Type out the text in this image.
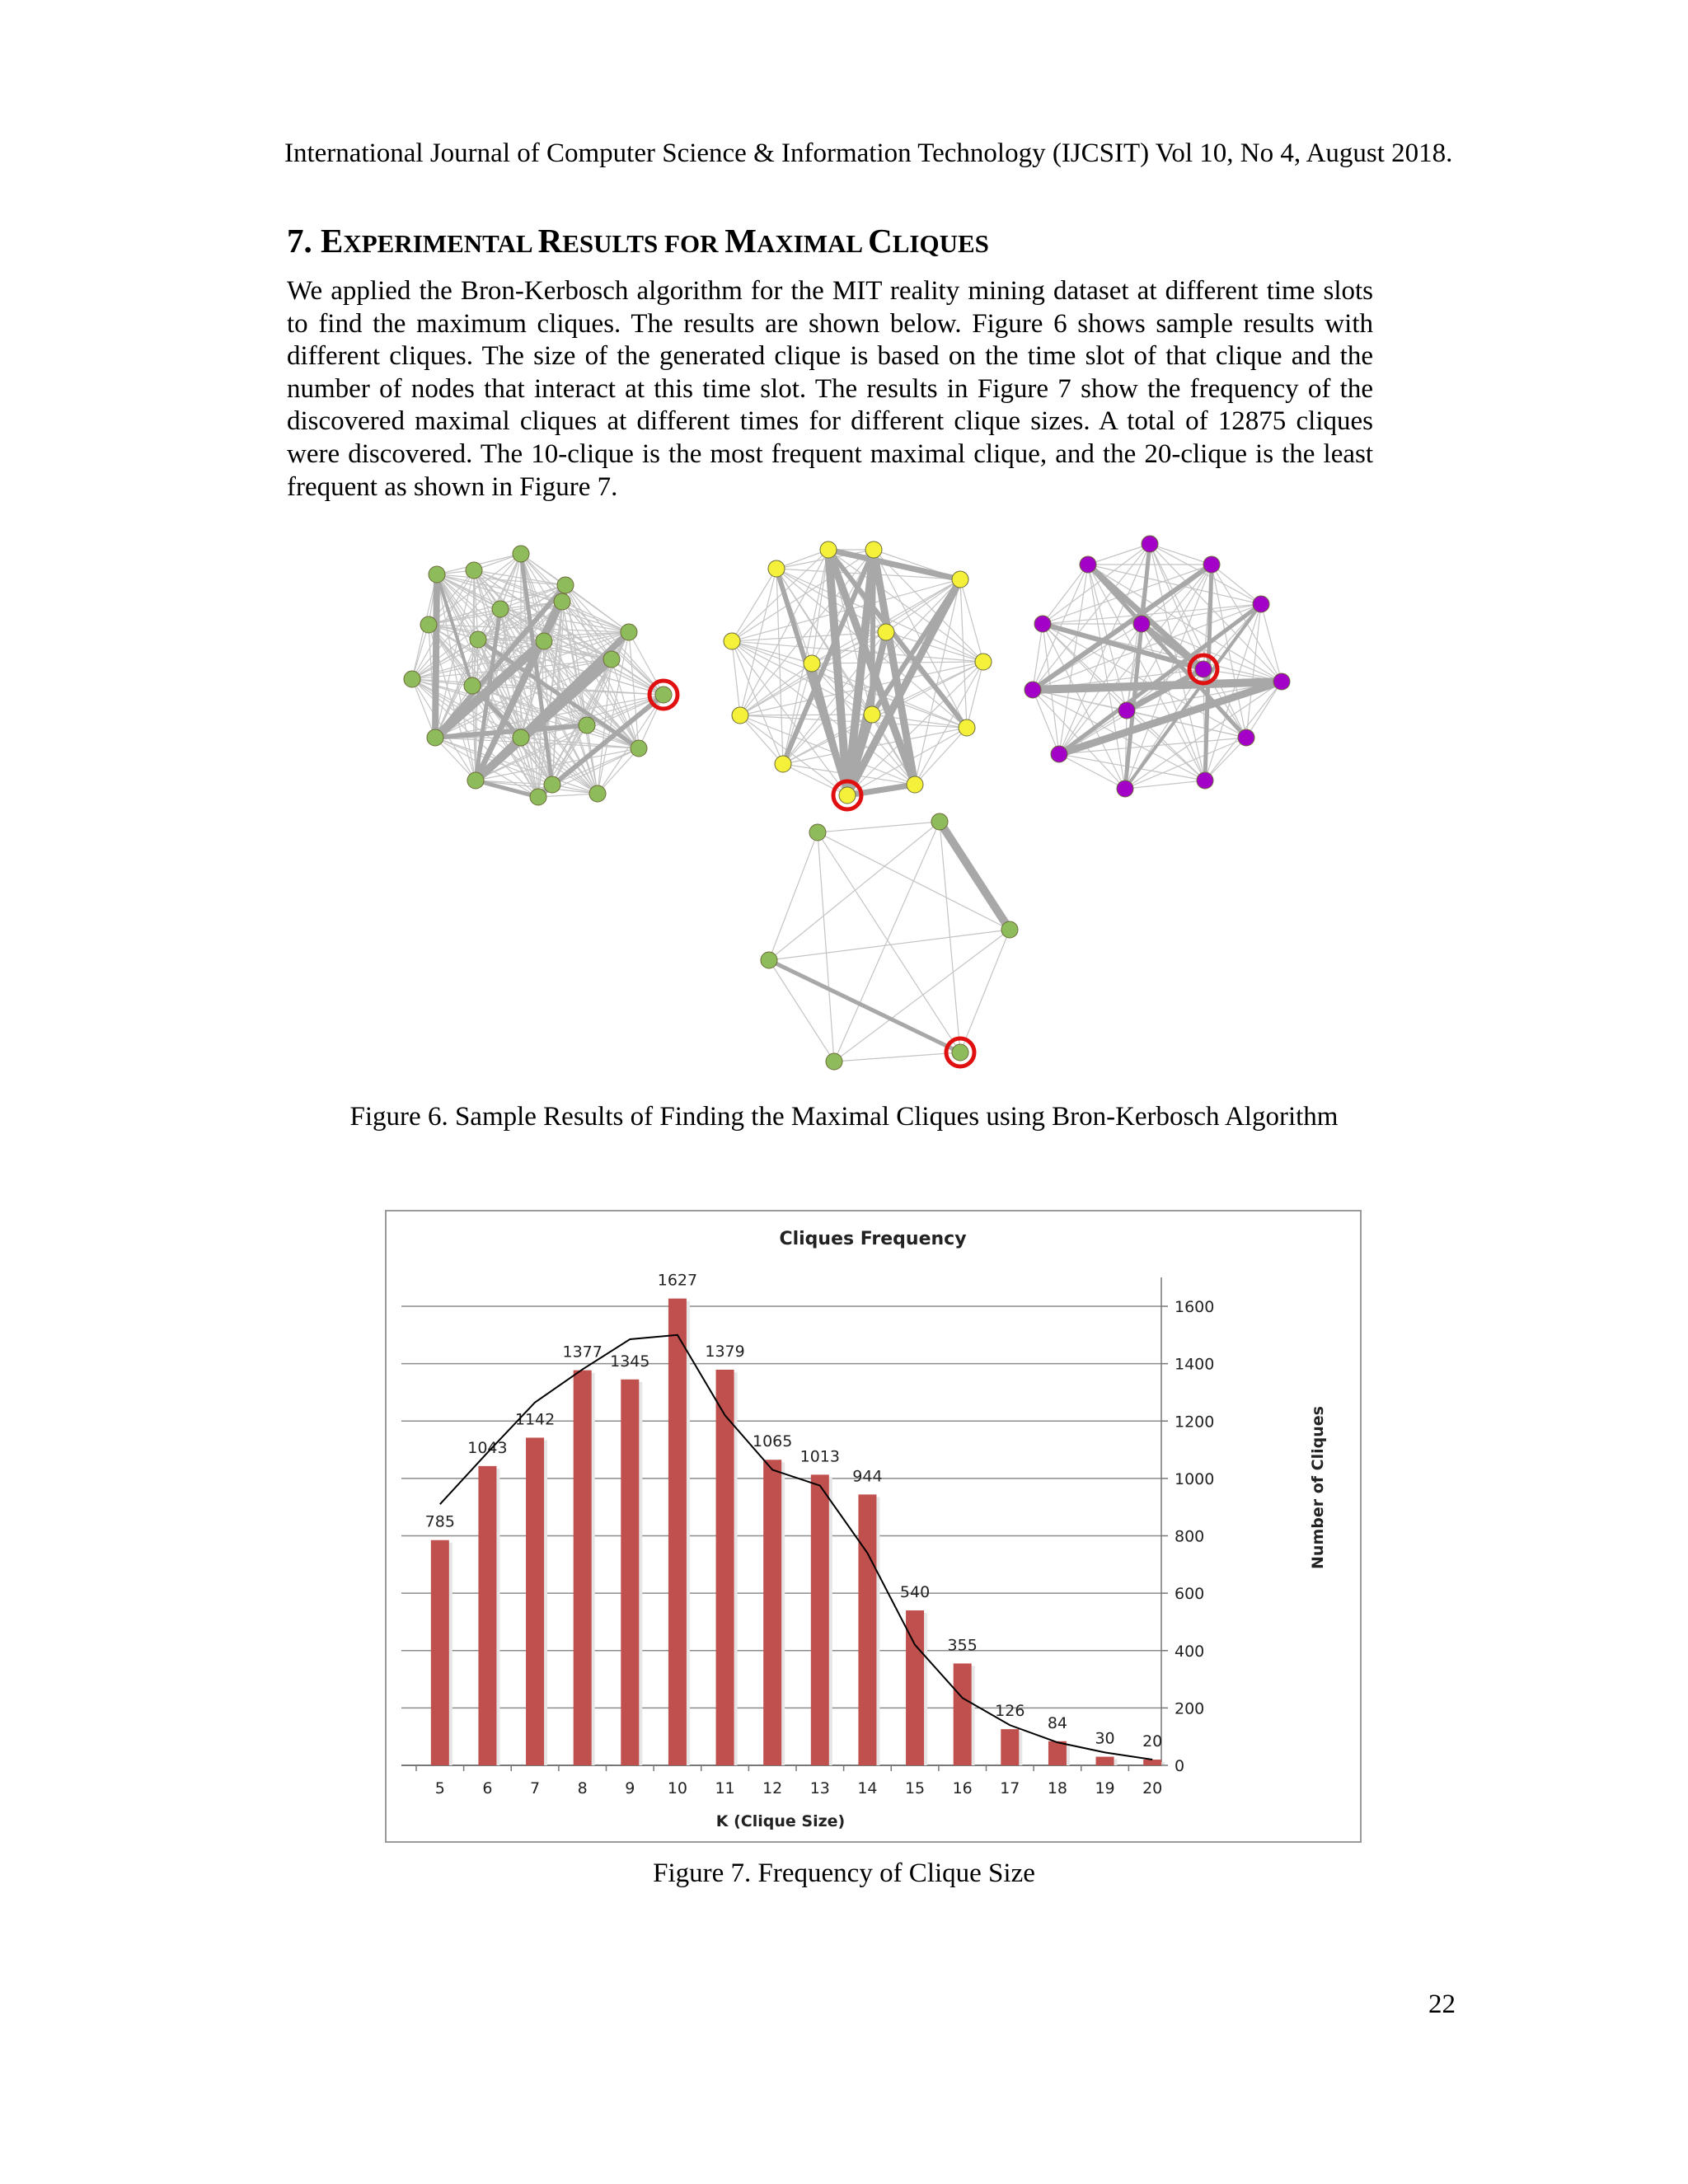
International Journal of Computer Science & Information Technology (IJCSIT) Vol 10, No 4, August 2018.
7. EXPERIMENTAL RESULTS FOR MAXIMAL CLIQUES
We applied the Bron-Kerbosch algorithm for the MIT reality mining dataset at different time slots to find the maximum cliques. The results are shown below. Figure 6 shows sample results with different cliques. The size of the generated clique is based on the time slot of that clique and the number of nodes that interact at this time slot. The results in Figure 7 show the frequency of the discovered maximal cliques at different times for different clique sizes. A total of 12875 cliques were discovered. The 10-clique is the most frequent maximal clique, and the 20-clique is the least frequent as shown in Figure 7.
Figure 6. Sample Results of Finding the Maximal Cliques using Bron-Kerbosch Algorithm
Cliques Frequency
785
1043
1142
1377
1345
1627
1379
1065
1013
944
540
355
126
84
30 20
5 6 7 8 9 10 11 12 13 14 15 16 17 18 19 20
0
200
400
600
800
1000
1200
1400
1600
K (Clique Size)
Number of Cliques
Figure 7. Frequency of Clique Size
22
